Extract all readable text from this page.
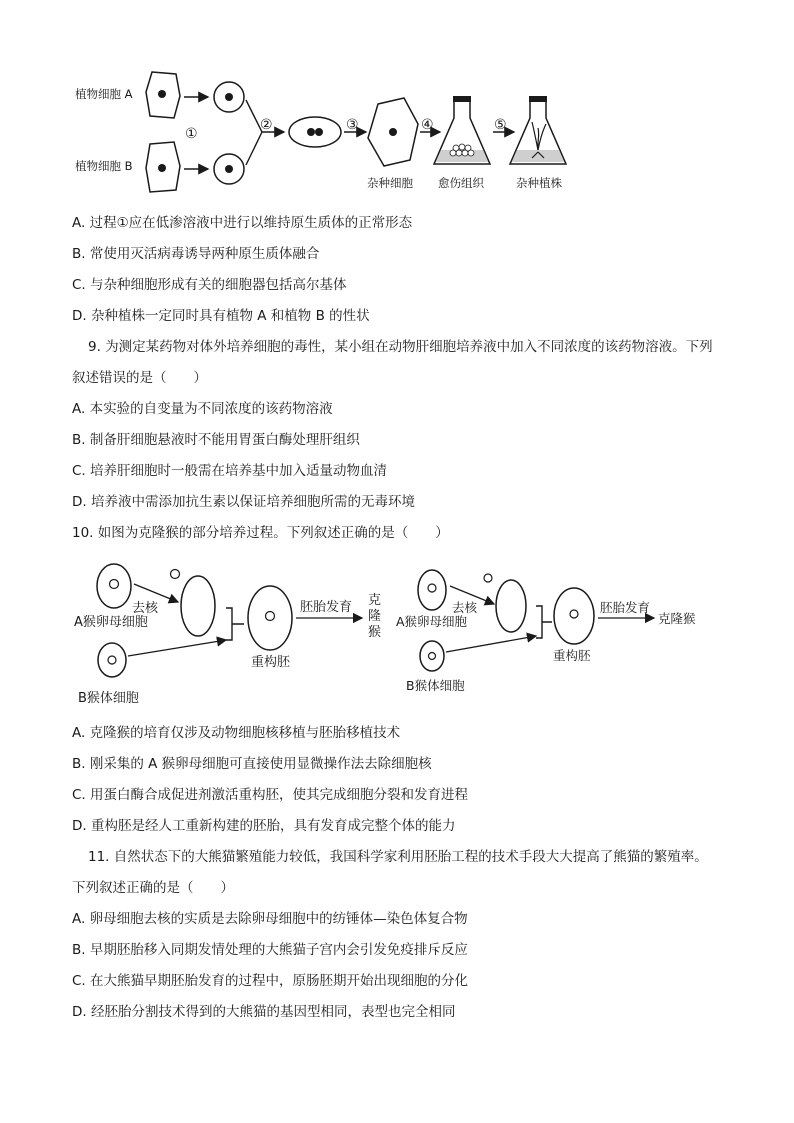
植物细胞 A
植物细胞 B
①
②	③
杂种细胞
④
愈伤组织
⑤
杂种植株
A. 过程①应在低渗溶液中进行以维持原生质体的正常形态
B. 常使用灭活病毒诱导两种原生质体融合
C. 与杂种细胞形成有关的细胞器包括高尔基体
D. 杂种植株一定同时具有植物 A 和植物 B 的性状
9. 为测定某药物对体外培养细胞的毒性，某小组在动物肝细胞培养液中加入不同浓度的该药物溶液。下列
叙述错误的是（　　）
A. 本实验的自变量为不同浓度的该药物溶液
B. 制备肝细胞悬液时不能用胃蛋白酶处理肝组织
C. 培养肝细胞时一般需在培养基中加入适量动物血清
D. 培养液中需添加抗生素以保证培养细胞所需的无毒环境
10. 如图为克隆猴的部分培养过程。下列叙述正确的是（　　）
去核
A猴卵母细胞
B猴体细胞
重构胚
胚胎发育 克
隆
猴
去核
A猴卵母细胞
B猴体细胞
重构胚
胚胎发育
克隆猴
A. 克隆猴的培育仅涉及动物细胞核移植与胚胎移植技术
B. 刚采集的 A 猴卵母细胞可直接使用显微操作法去除细胞核
C. 用蛋白酶合成促进剂激活重构胚，使其完成细胞分裂和发育进程
D. 重构胚是经人工重新构建的胚胎，具有发育成完整个体的能力
11. 自然状态下的大熊猫繁殖能力较低，我国科学家利用胚胎工程的技术手段大大提高了熊猫的繁殖率。
下列叙述正确的是（　　）
A. 卵母细胞去核的实质是去除卵母细胞中的纺锤体—染色体复合物
B. 早期胚胎移入同期发情处理的大熊猫子宫内会引发免疫排斥反应
C. 在大熊猫早期胚胎发育的过程中，原肠胚期开始出现细胞的分化
D. 经胚胎分割技术得到的大熊猫的基因型相同，表型也完全相同
